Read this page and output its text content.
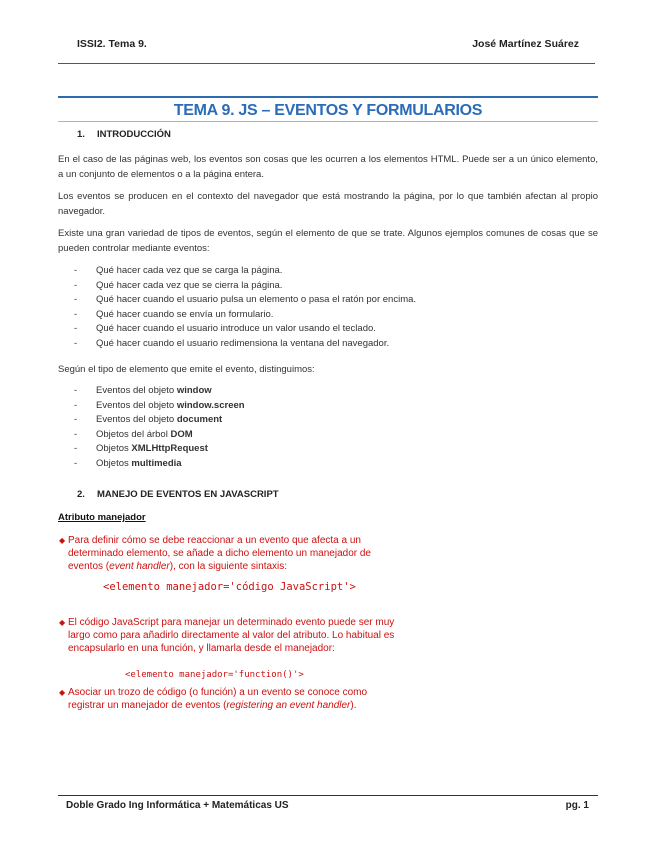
ISSI2. Tema 9.	José Martínez Suárez
TEMA 9. JS – EVENTOS Y FORMULARIOS
1. INTRODUCCIÓN
En el caso de las páginas web, los eventos son cosas que les ocurren a los elementos HTML. Puede ser a un único elemento, a un conjunto de elementos o a la página entera.
Los eventos se producen en el contexto del navegador que está mostrando la página, por lo que también afectan al propio navegador.
Existe una gran variedad de tipos de eventos, según el elemento de que se trate. Algunos ejemplos comunes de cosas que se pueden controlar mediante eventos:
- Qué hacer cada vez que se carga la página.
- Qué hacer cada vez que se cierra la página.
- Qué hacer cuando el usuario pulsa un elemento o pasa el ratón por encima.
- Qué hacer cuando se envía un formulario.
- Qué hacer cuando el usuario introduce un valor usando el teclado.
- Qué hacer cuando el usuario redimensiona la ventana del navegador.
Según el tipo de elemento que emite el evento, distinguimos:
- Eventos del objeto window
- Eventos del objeto window.screen
- Eventos del objeto document
- Objetos del árbol DOM
- Objetos XMLHttpRequest
- Objetos multimedia
2. MANEJO DE EVENTOS EN JAVASCRIPT
Atributo manejador
◆ Para definir cómo se debe reaccionar a un evento que afecta a un determinado elemento, se añade a dicho elemento un manejador de eventos (event handler), con la siguiente sintaxis:
<elemento manejador='código JavaScript'>
◆ El código JavaScript para manejar un determinado evento puede ser muy largo como para añadirlo directamente al valor del atributo. Lo habitual es encapsularlo en una función, y llamarla desde el manejador:
<elemento manejador='function()'>
◆ Asociar un trozo de código (o función) a un evento se conoce como registrar un manejador de eventos (registering an event handler).
Doble Grado Ing Informática + Matemáticas US	pg. 1
